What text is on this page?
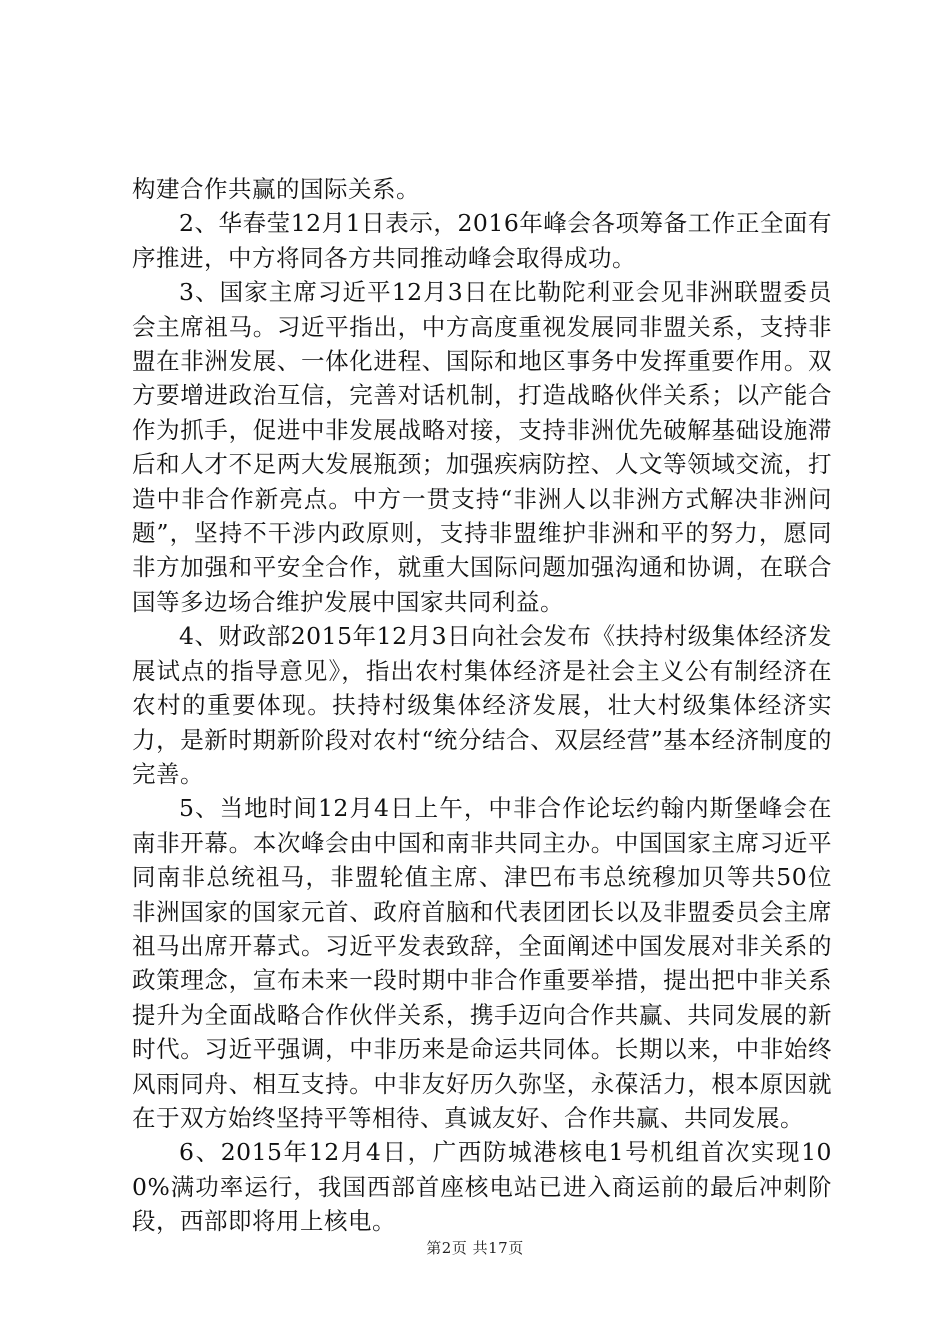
构建合作共赢的国际关系。

2、华春莹12月1日表示，2016年峰会各项筹备工作正全面有序推进，中方将同各方共同推动峰会取得成功。

3、国家主席习近平12月3日在比勒陀利亚会见非洲联盟委员会主席祖马。习近平指出，中方高度重视发展同非盟关系，支持非盟在非洲发展、一体化进程、国际和地区事务中发挥重要作用。双方要增进政治互信，完善对话机制，打造战略伙伴关系；以产能合作为抓手，促进中非发展战略对接，支持非洲优先破解基础设施滞后和人才不足两大发展瓶颈；加强疾病防控、人文等领域交流，打造中非合作新亮点。中方一贯支持“非洲人以非洲方式解决非洲问题”，坚持不干涉内政原则，支持非盟维护非洲和平的努力，愿同非方加强和平安全合作，就重大国际问题加强沟通和协调，在联合国等多边场合维护发展中国家共同利益。

4、财政部2015年12月3日向社会发布《扶持村级集体经济发展试点的指导意见》，指出农村集体经济是社会主义公有制经济在农村的重要体现。扶持村级集体经济发展，壮大村级集体经济实力，是新时期新阶段对农村“统分结合、双层经营”基本经济制度的完善。

5、当地时间12月4日上午，中非合作论坛约翰内斯堡峰会在南非开幕。本次峰会由中国和南非共同主办。中国国家主席习近平同南非总统祖马，非盟轮值主席、津巴布韦总统穆加贝等共50位非洲国家的国家元首、政府首脑和代表团团长以及非盟委员会主席祖马出席开幕式。习近平发表致辞，全面阐述中国发展对非关系的政策理念，宣布未来一段时期中非合作重要举措，提出把中非关系提升为全面战略合作伙伴关系，携手迈向合作共赢、共同发展的新时代。习近平强调，中非历来是命运共同体。长期以来，中非始终风雨同舟、相互支持。中非友好历久弥坚，永葆活力，根本原因就在于双方始终坚持平等相待、真诚友好、合作共赢、共同发展。

6、2015年12月4日，广西防城港核电1号机组首次实现100%满功率运行，我国西部首座核电站已进入商运前的最后冲刺阶段，西部即将用上核电。

第2页 共17页
